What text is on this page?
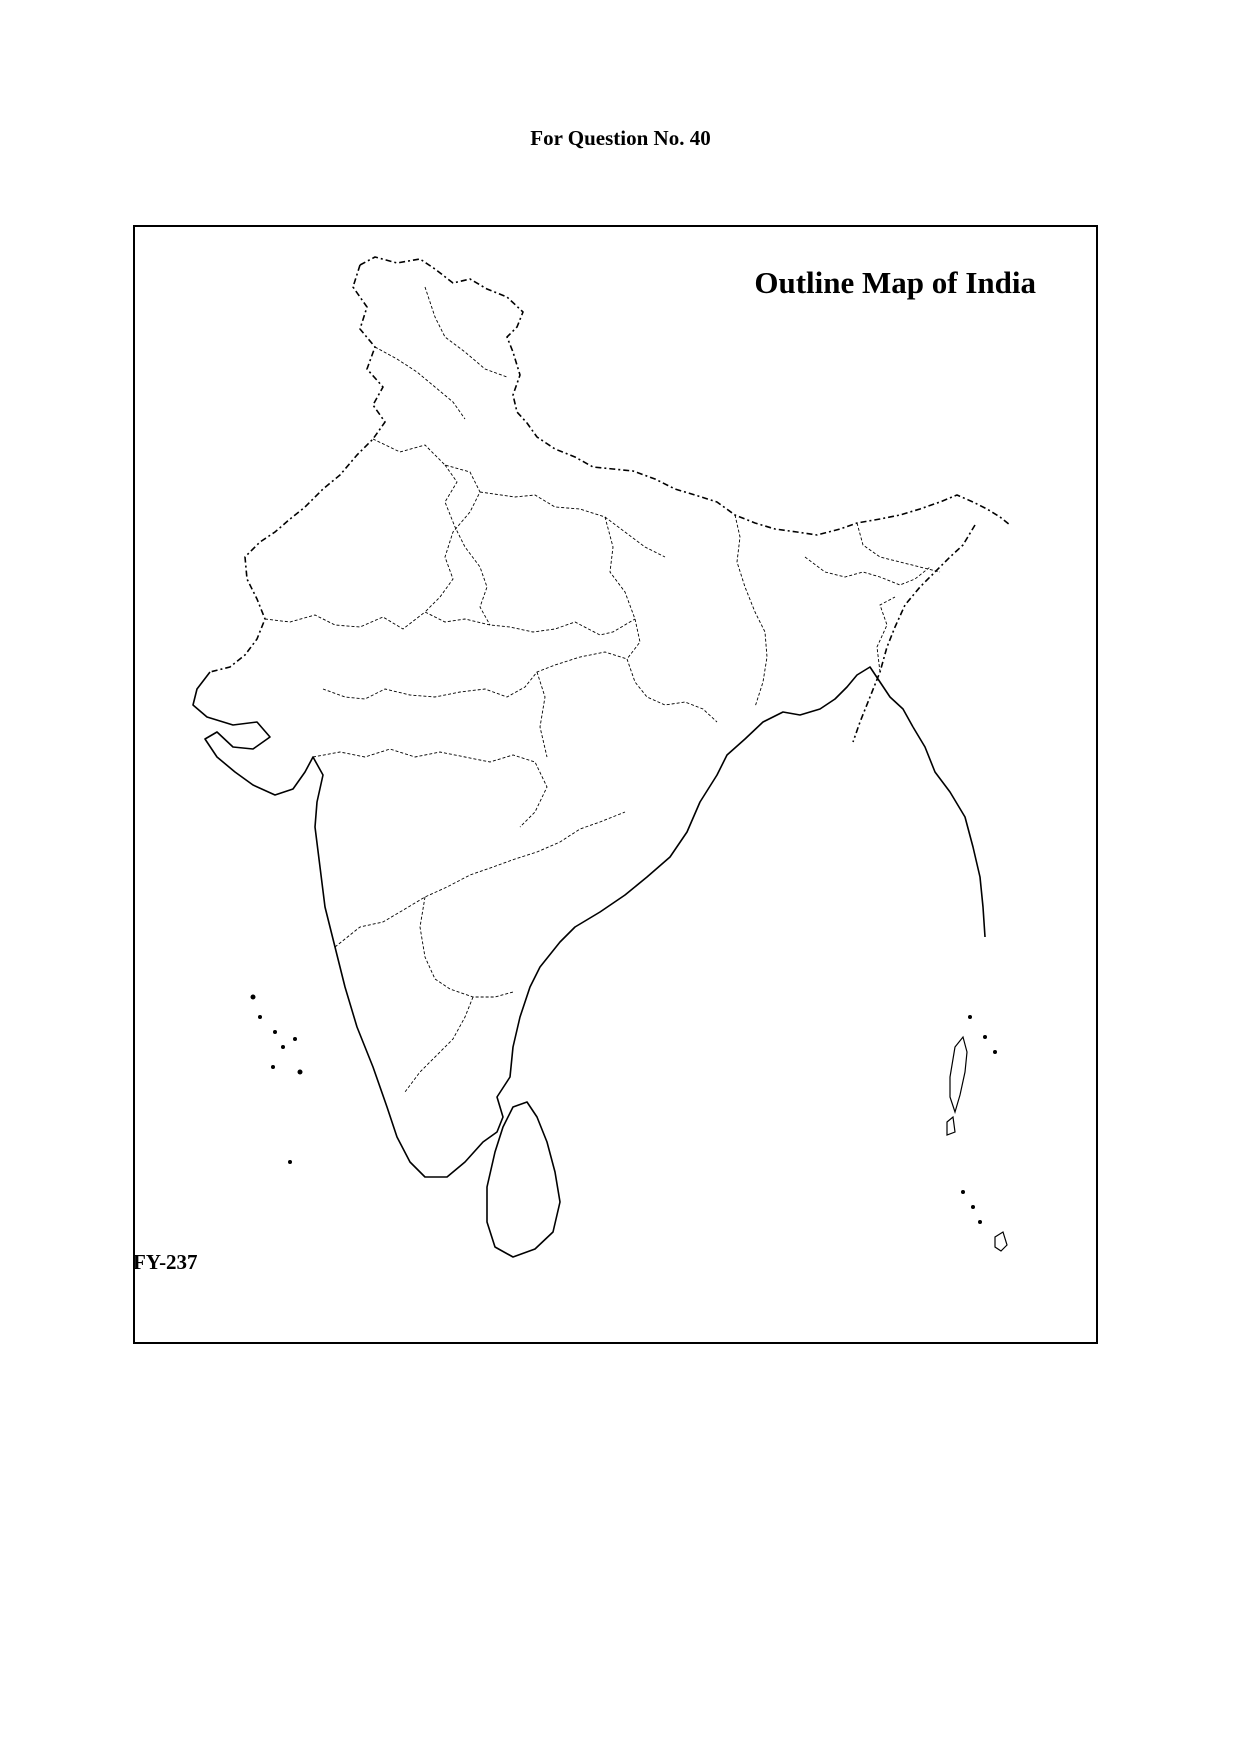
For Question No. 40
Outline Map of India
FY-237
